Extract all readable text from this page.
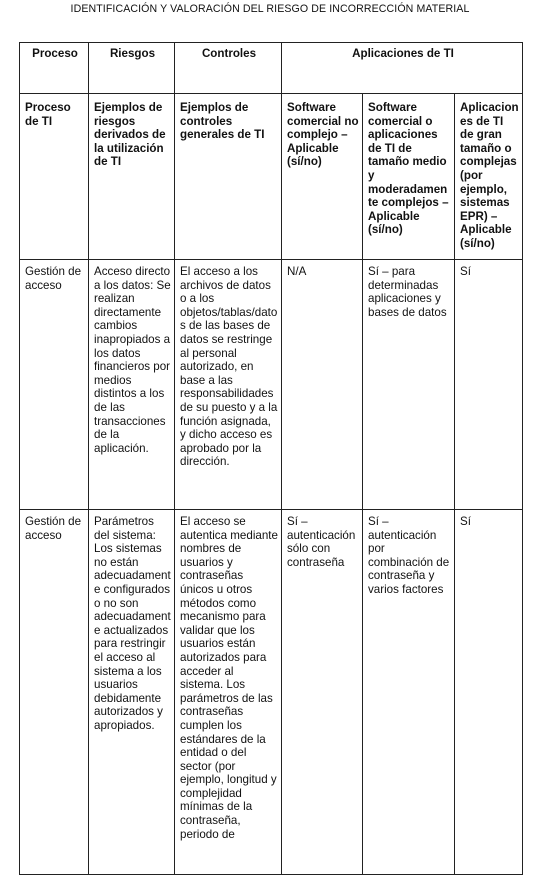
IDENTIFICACIÓN Y VALORACIÓN DEL RIESGO DE INCORRECCIÓN MATERIAL
Proceso	Riesgos	Controles	Aplicaciones de TI		
Proceso de TI	Ejemplos de riesgos derivados de la utilización de TI	Ejemplos de controles generales de TI	Software comercial no complejo – Aplicable (sí/no)	Software comercial o aplicaciones de TI de tamaño medio y moderadamente complejos – Aplicable (sí/no)	Aplicaciones de TI de gran tamaño o complejas (por ejemplo, sistemas EPR) – Aplicable (sí/no)
Gestión de acceso	Acceso directo a los datos: Se realizan directamente cambios inapropiados a los datos financieros por medios distintos a los de las transacciones de la aplicación.	El acceso a los archivos de datos o a los objetos/tablas/datos de las bases de datos se restringe al personal autorizado, en base a las responsabilidades de su puesto y a la función asignada, y dicho acceso es aprobado por la dirección.	N/A	Sí – para determinadas aplicaciones y bases de datos	Sí
Gestión de acceso	Parámetros del sistema: Los sistemas no están adecuadamente configurados o no son adecuadamente actualizados para restringir el acceso al sistema a los usuarios debidamente autorizados y apropiados.	El acceso se autentica mediante nombres de usuarios y contraseñas únicos u otros métodos como mecanismo para validar que los usuarios están autorizados para acceder al sistema. Los parámetros de las contraseñas cumplen los estándares de la entidad o del sector (por ejemplo, longitud y complejidad mínimas de la contraseña, periodo de	Sí – autenticación sólo con contraseña	Sí – autenticación por combinación de contraseña y varios factores	Sí
